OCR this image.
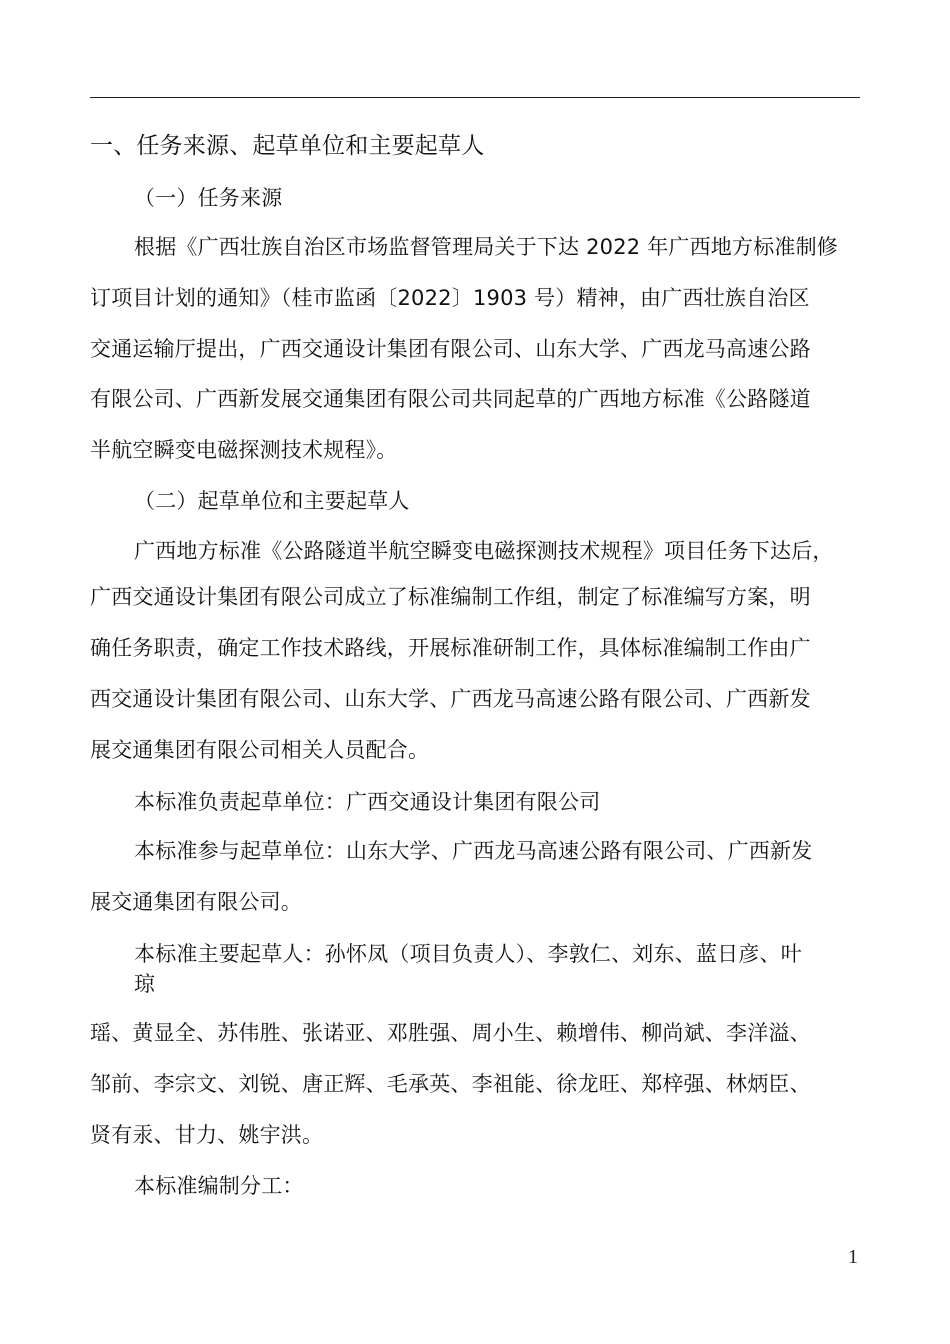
一、任务来源、起草单位和主要起草人
（一）任务来源
根据《广西壮族自治区市场监督管理局关于下达 2022 年广西地方标准制修
订项目计划的通知》（桂市监函〔2022〕1903 号）精神，由广西壮族自治区
交通运输厅提出，广西交通设计集团有限公司、山东大学、广西龙马高速公路
有限公司、广西新发展交通集团有限公司共同起草的广西地方标准《公路隧道
半航空瞬变电磁探测技术规程》。
（二）起草单位和主要起草人
广西地方标准《公路隧道半航空瞬变电磁探测技术规程》项目任务下达后，
广西交通设计集团有限公司成立了标准编制工作组，制定了标准编写方案，明
确任务职责，确定工作技术路线，开展标准研制工作，具体标准编制工作由广
西交通设计集团有限公司、山东大学、广西龙马高速公路有限公司、广西新发
展交通集团有限公司相关人员配合。
本标准负责起草单位：广西交通设计集团有限公司
本标准参与起草单位：山东大学、广西龙马高速公路有限公司、广西新发
展交通集团有限公司。
本标准主要起草人：孙怀凤（项目负责人）、李敦仁、刘东、蓝日彦、叶
琼
瑶、黄显全、苏伟胜、张诺亚、邓胜强、周小生、赖增伟、柳尚斌、李洋溢、
邹前、李宗文、刘锐、唐正辉、毛承英、李祖能、徐龙旺、郑梓强、林炳臣、
贤有汞、甘力、姚宇洪。
本标准编制分工：
1
